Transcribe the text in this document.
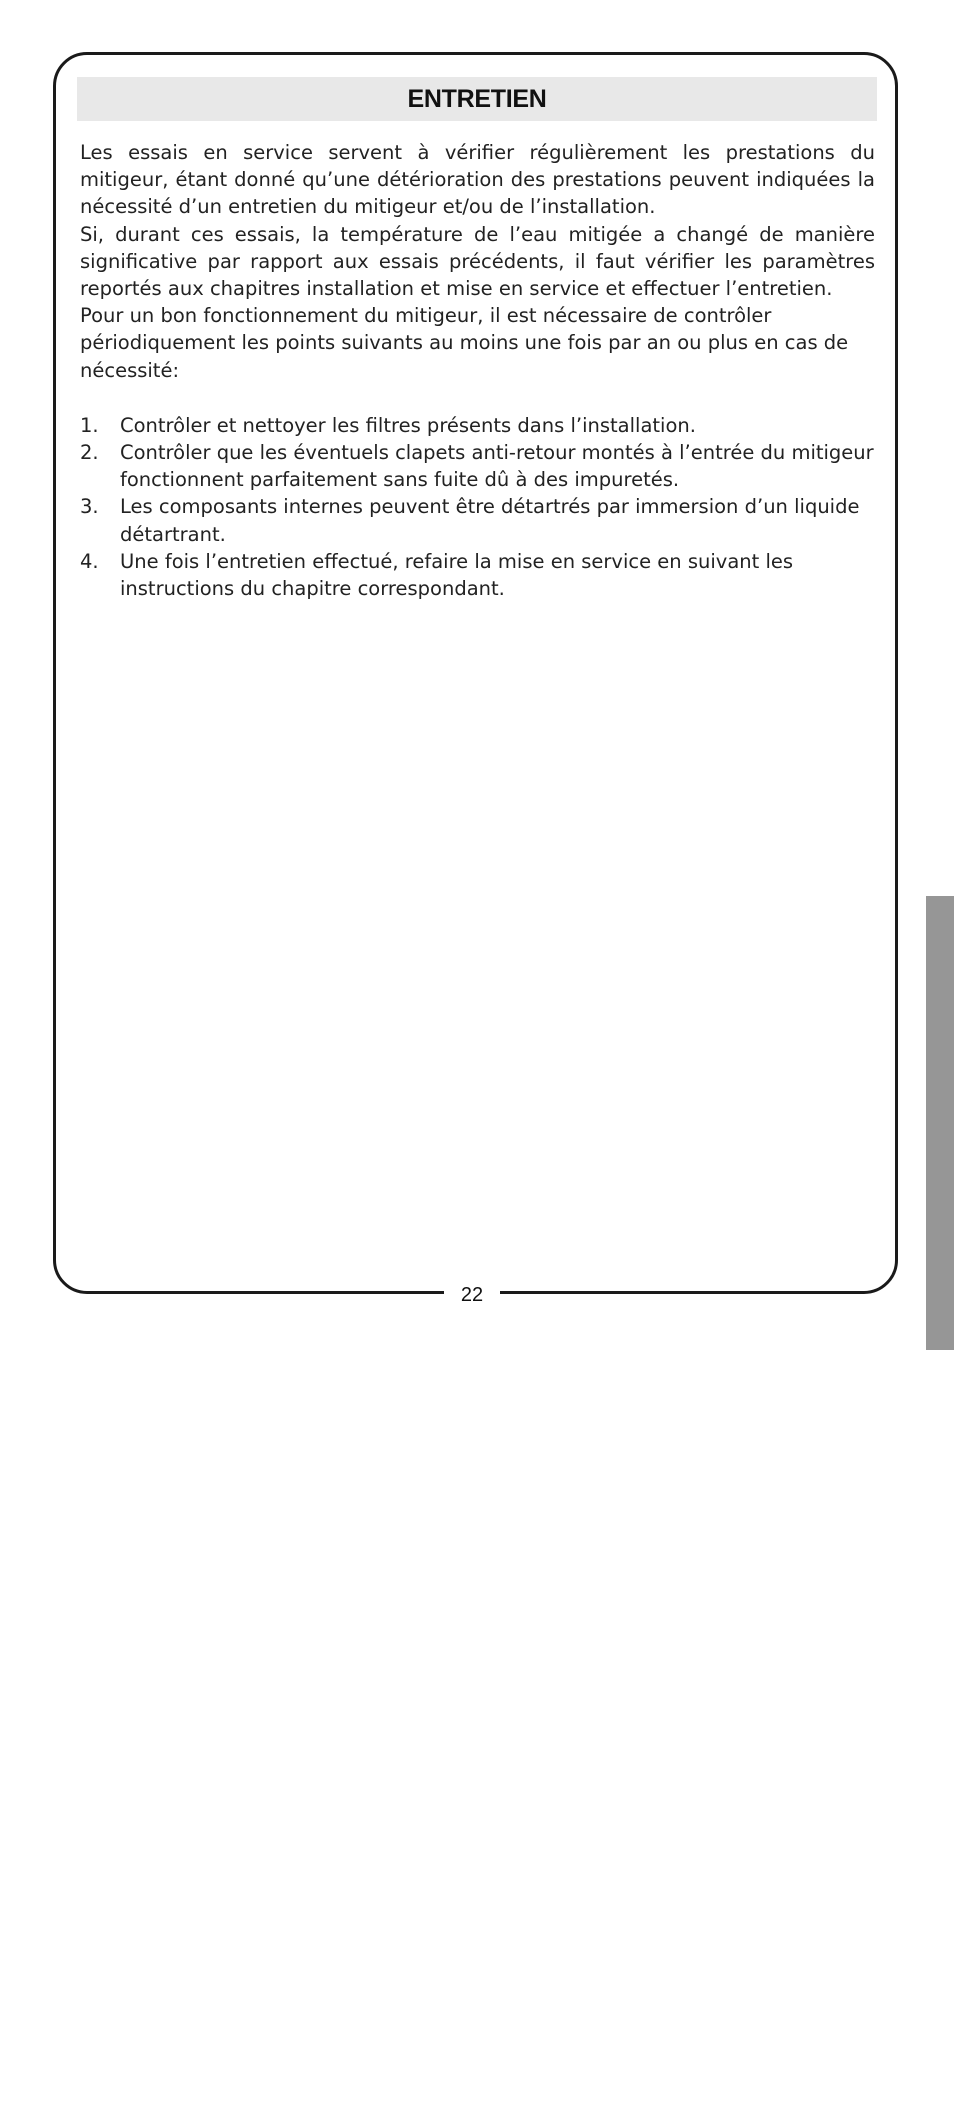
ENTRETIEN

Les essais en service servent à vérifier régulièrement les prestations du mitigeur, étant donné qu’une détérioration des prestations peuvent indiquées la nécessité d’un entretien du mitigeur et/ou de l’installation.

Si, durant ces essais, la température de l’eau mitigée a changé de manière significative par rapport aux essais précédents, il faut vérifier les paramètres reportés aux chapitres installation et mise en service et effectuer l’entretien.

Pour un bon fonctionnement du mitigeur, il est nécessaire de contrôler périodiquement les points suivants au moins une fois par an ou plus en cas de nécessité:

1.	Contrôler et nettoyer les filtres présents dans l’installation.
2.	Contrôler que les éventuels clapets anti-retour montés à l’entrée du mitigeur fonctionnent parfaitement sans fuite dû à des impuretés.
3.	Les composants internes peuvent être détartrés par immersion d’un liquide détartrant.
4.	Une fois l’entretien effectué, refaire la mise en service en suivant les instructions du chapitre correspondant.
22
FRANÇAIS
